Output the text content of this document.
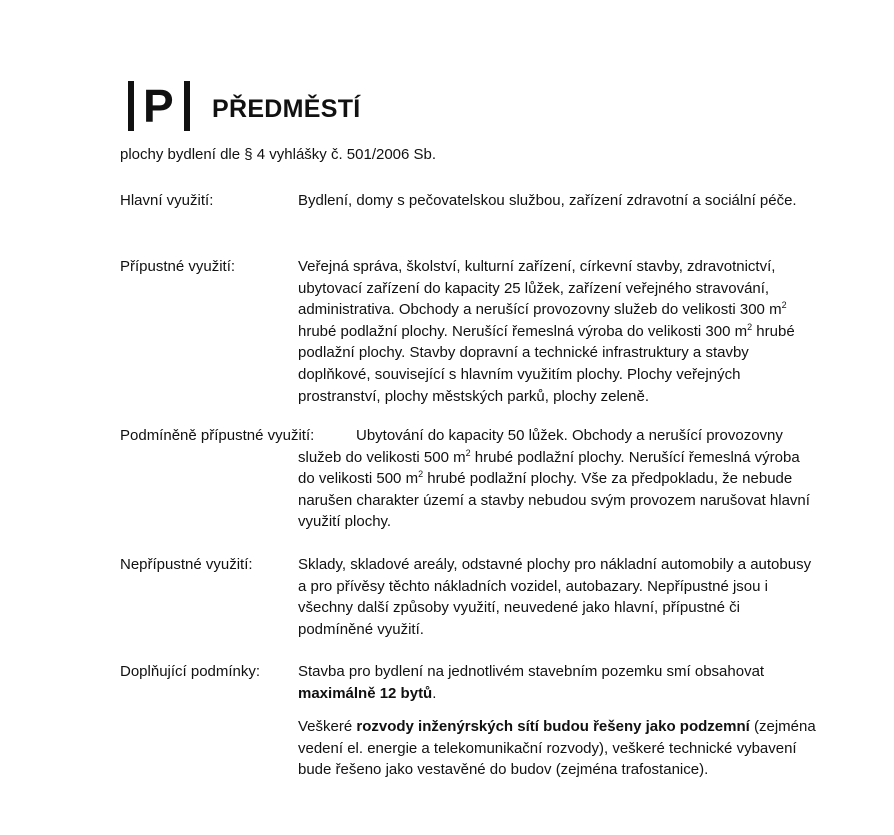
P	PŘEDMĚSTÍ
plochy bydlení dle § 4 vyhlášky č. 501/2006 Sb.
Hlavní využití:	Bydlení, domy s pečovatelskou službou, zařízení zdravotní a sociální péče.
Přípustné využití:	Veřejná správa, školství, kulturní zařízení, církevní stavby, zdravotnictví, ubytovací zařízení do kapacity 25 lůžek, zařízení veřejného stravování, administrativa. Obchody a nerušící provozovny služeb do velikosti 300 $m^2$ hrubé podlažní plochy. Nerušící řemeslná výroba do velikosti 300 $m^2$ hrubé podlažní plochy. Stavby dopravní a technické infrastruktury a stavby doplňkové, související s hlavním využitím plochy. Plochy veřejných prostranství, plochy městských parků, plochy zeleně.
Podmíněně přípustné využití:	Ubytování do kapacity 50 lůžek. Obchody a nerušící provozovny služeb do velikosti 500 $m^2$ hrubé podlažní plochy. Nerušící řemeslná výroba do velikosti 500 $m^2$ hrubé podlažní plochy. Vše za předpokladu, že nebude narušen charakter území a stavby nebudou svým provozem narušovat hlavní využití plochy.
Nepřípustné využití:	Sklady, skladové areály, odstavné plochy pro nákladní automobily a autobusy a pro přívěsy těchto nákladních vozidel, autobazary. Nepřípustné jsou i všechny další způsoby využití, neuvedené jako hlavní, přípustné či podmíněné využití.
Doplňující podmínky:	Stavba pro bydlení na jednotlivém stavebním pozemku smí obsahovat maximálně 12 bytů.

Veškeré rozvody inženýrských sítí budou řešeny jako podzemní (zejména vedení el. energie a telekomunikační rozvody), veškeré technické vybavení bude řešeno jako vestavěné do budov (zejména trafostanice).
